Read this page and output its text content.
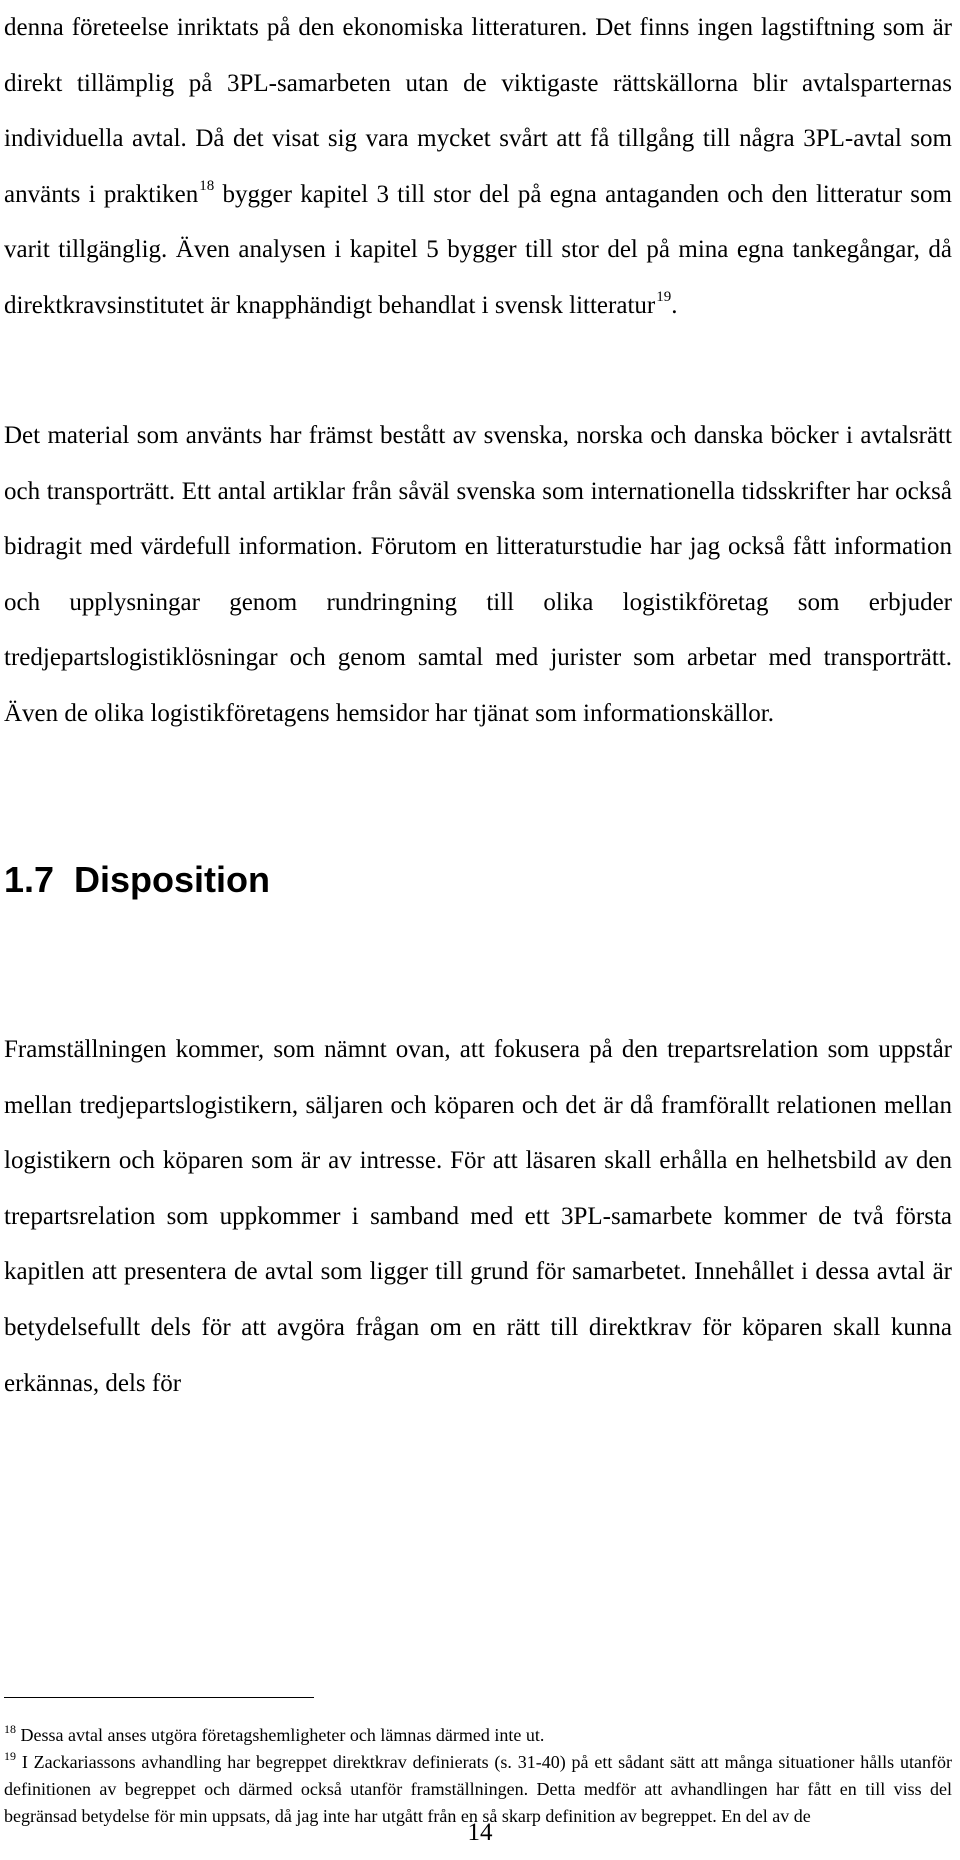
denna företeelse inriktats på den ekonomiska litteraturen. Det finns ingen lagstiftning som är direkt tillämplig på 3PL-samarbeten utan de viktigaste rättskällorna blir avtalsparternas individuella avtal. Då det visat sig vara mycket svårt att få tillgång till några 3PL-avtal som använts i praktiken$^{18}$ bygger kapitel 3 till stor del på egna antaganden och den litteratur som varit tillgänglig. Även analysen i kapitel 5 bygger till stor del på mina egna tankegångar, då direktkravsinstitutet är knapphändigt behandlat i svensk litteratur$^{19}$.

Det material som använts har främst bestått av svenska, norska och danska böcker i avtalsrätt och transporträtt. Ett antal artiklar från såväl svenska som internationella tidsskrifter har också bidragit med värdefull information. Förutom en litteraturstudie har jag också fått information och upplysningar genom rundringning till olika logistikföretag som erbjuder tredjepartslogistiklösningar och genom samtal med jurister som arbetar med transporträtt. Även de olika logistikföretagens hemsidor har tjänat som informationskällor.

1.7 Disposition

Framställningen kommer, som nämnt ovan, att fokusera på den trepartsrelation som uppstår mellan tredjepartslogistikern, säljaren och köparen och det är då framförallt relationen mellan logistikern och köparen som är av intresse. För att läsaren skall erhålla en helhetsbild av den trepartsrelation som uppkommer i samband med ett 3PL-samarbete kommer de två första kapitlen att presentera de avtal som ligger till grund för samarbetet. Innehållet i dessa avtal är betydelsefullt dels för att avgöra frågan om en rätt till direktkrav för köparen skall kunna erkännas, dels för

$^{18}$ Dessa avtal anses utgöra företagshemligheter och lämnas därmed inte ut.

$^{19}$ I Zackariassons avhandling har begreppet direktkrav definierats (s. 31-40) på ett sådant sätt att många situationer hålls utanför definitionen av begreppet och därmed också utanför framställningen. Detta medför att avhandlingen har fått en till viss del begränsad betydelse för min uppsats, då jag inte har utgått från en så skarp definition av begreppet. En del av de

14
